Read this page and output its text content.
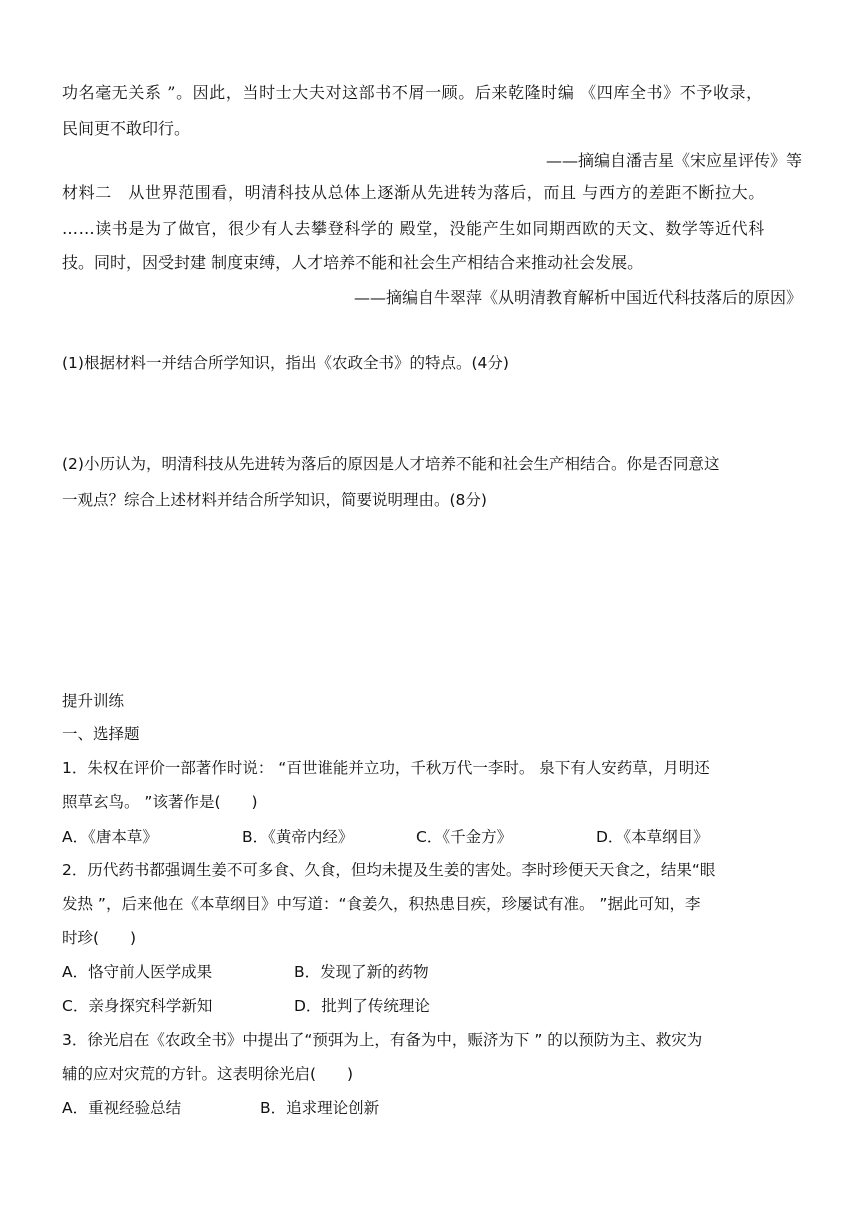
功名毫无关系 ”。因此，当时士大夫对这部书不屑一顾。后来乾隆时编 《四库全书》不予收录，
民间更不敢印行。
——摘编自潘吉星《宋应星评传》等
材料二　从世界范围看，明清科技从总体上逐渐从先进转为落后，而且 与西方的差距不断拉大。
……读书是为了做官，很少有人去攀登科学的 殿堂，没能产生如同期西欧的天文、数学等近代科
技。同时，因受封建 制度束缚，人才培养不能和社会生产相结合来推动社会发展。
——摘编自牛翠萍《从明清教育解析中国近代科技落后的原因》
(1)根据材料一并结合所学知识，指出《农政全书》的特点。(4分)
(2)小历认为，明清科技从先进转为落后的原因是人才培养不能和社会生产相结合。你是否同意这
一观点？综合上述材料并结合所学知识，简要说明理由。(8分)
提升训练
一、选择题
1．朱权在评价一部著作时说： “百世谁能并立功，千秋万代一李时。 泉下有人安药草，月明还
照草玄鸟。 ”该著作是(　　)
A．《唐本草》	B．《黄帝内经》	C．《千金方》	D．《本草纲目》
2．历代药书都强调生姜不可多食、久食，但均未提及生姜的害处。李时珍便天天食之，结果“眼
发热 ”，后来他在《本草纲目》中写道：“食姜久，积热患目疾，珍屡试有准。 ”据此可知，李
时珍(　　)
A．恪守前人医学成果	B．发现了新的药物
C．亲身探究科学新知	D．批判了传统理论
3．徐光启在《农政全书》中提出了“预弭为上，有备为中，赈济为下 ” 的以预防为主、救灾为
辅的应对灾荒的方针。这表明徐光启(　　)
A．重视经验总结	B．追求理论创新
